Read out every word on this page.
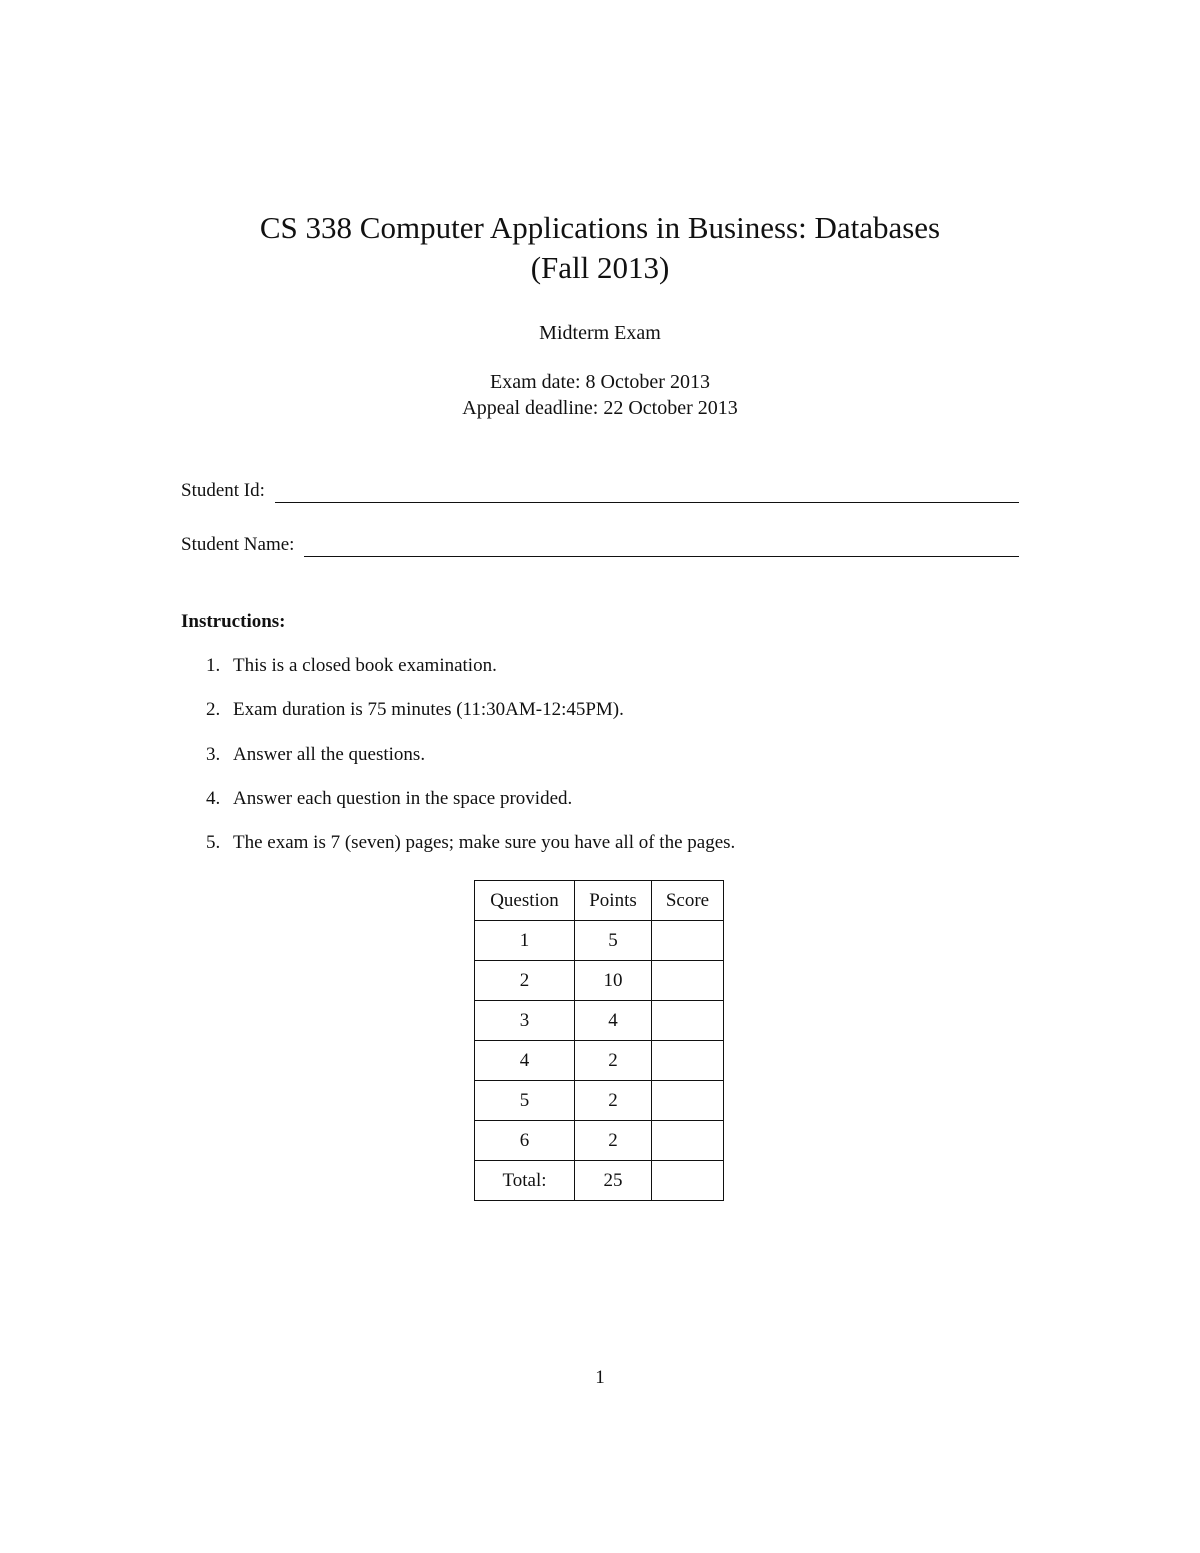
CS 338 Computer Applications in Business: Databases
(Fall 2013)
Midterm Exam
Exam date: 8 October 2013
Appeal deadline: 22 October 2013
Student Id:
Student Name:
Instructions:
1. This is a closed book examination.
2. Exam duration is 75 minutes (11:30AM-12:45PM).
3. Answer all the questions.
4. Answer each question in the space provided.
5. The exam is 7 (seven) pages; make sure you have all of the pages.
Question	Points	Score
1	5	
2	10	
3	4	
4	2	
5	2	
6	2	
Total:	25	
1
